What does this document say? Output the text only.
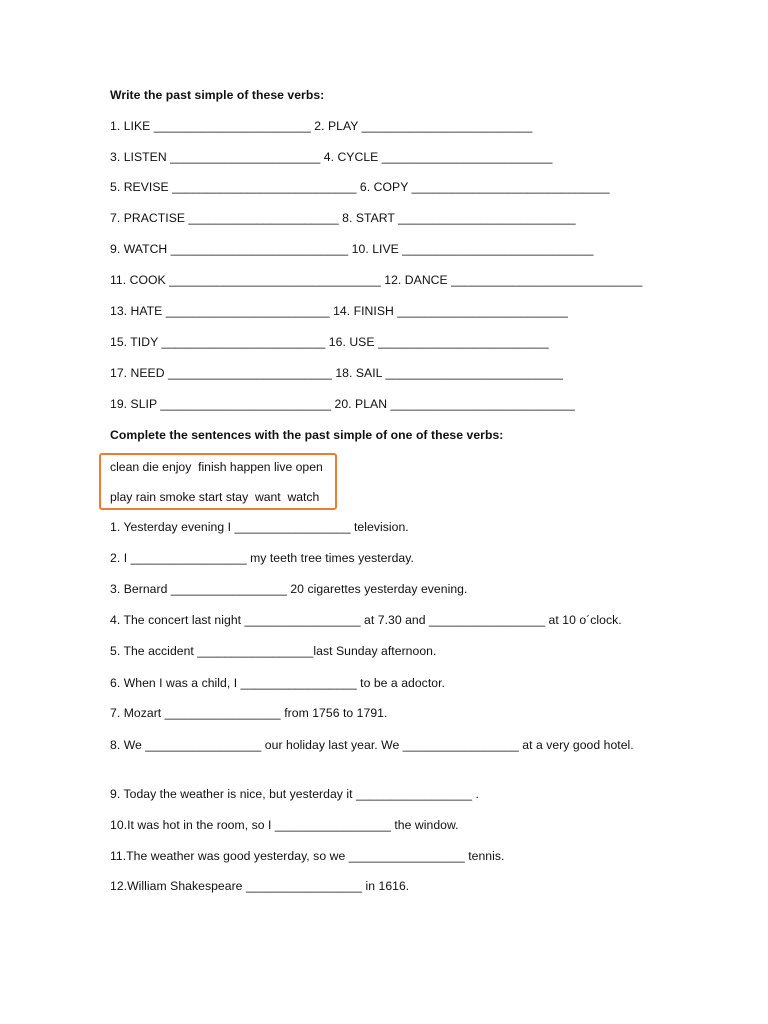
Write the past simple of these verbs:
1. LIKE _______________________ 2. PLAY _________________________
3. LISTEN ______________________ 4. CYCLE _________________________
5. REVISE ___________________________ 6. COPY _____________________________
7. PRACTISE ______________________ 8. START __________________________
9. WATCH __________________________ 10. LIVE ____________________________
11. COOK _______________________________ 12. DANCE ____________________________
13. HATE ________________________ 14. FINISH _________________________
15. TIDY ________________________ 16. USE _________________________
17. NEED ________________________ 18. SAIL __________________________
19. SLIP _________________________ 20. PLAN ___________________________
Complete the sentences with the past simple of one of these verbs:
clean die enjoy  finish happen live open
play rain smoke start stay  want  watch
1. Yesterday evening I _________________ television.
2. I _________________ my teeth tree times yesterday.
3. Bernard _________________ 20 cigarettes yesterday evening.
4. The concert last night _________________ at 7.30 and _________________ at 10 o´clock.
5. The accident _________________last Sunday afternoon.
6. When I was a child, I _________________ to be a adoctor.
7. Mozart _________________ from 1756 to 1791.
8. We _________________ our holiday last year. We _________________ at a very good hotel.
9. Today the weather is nice, but yesterday it _________________ .
10.It was hot in the room, so I _________________ the window.
11.The weather was good yesterday, so we _________________ tennis.
12.William Shakespeare _________________ in 1616.
